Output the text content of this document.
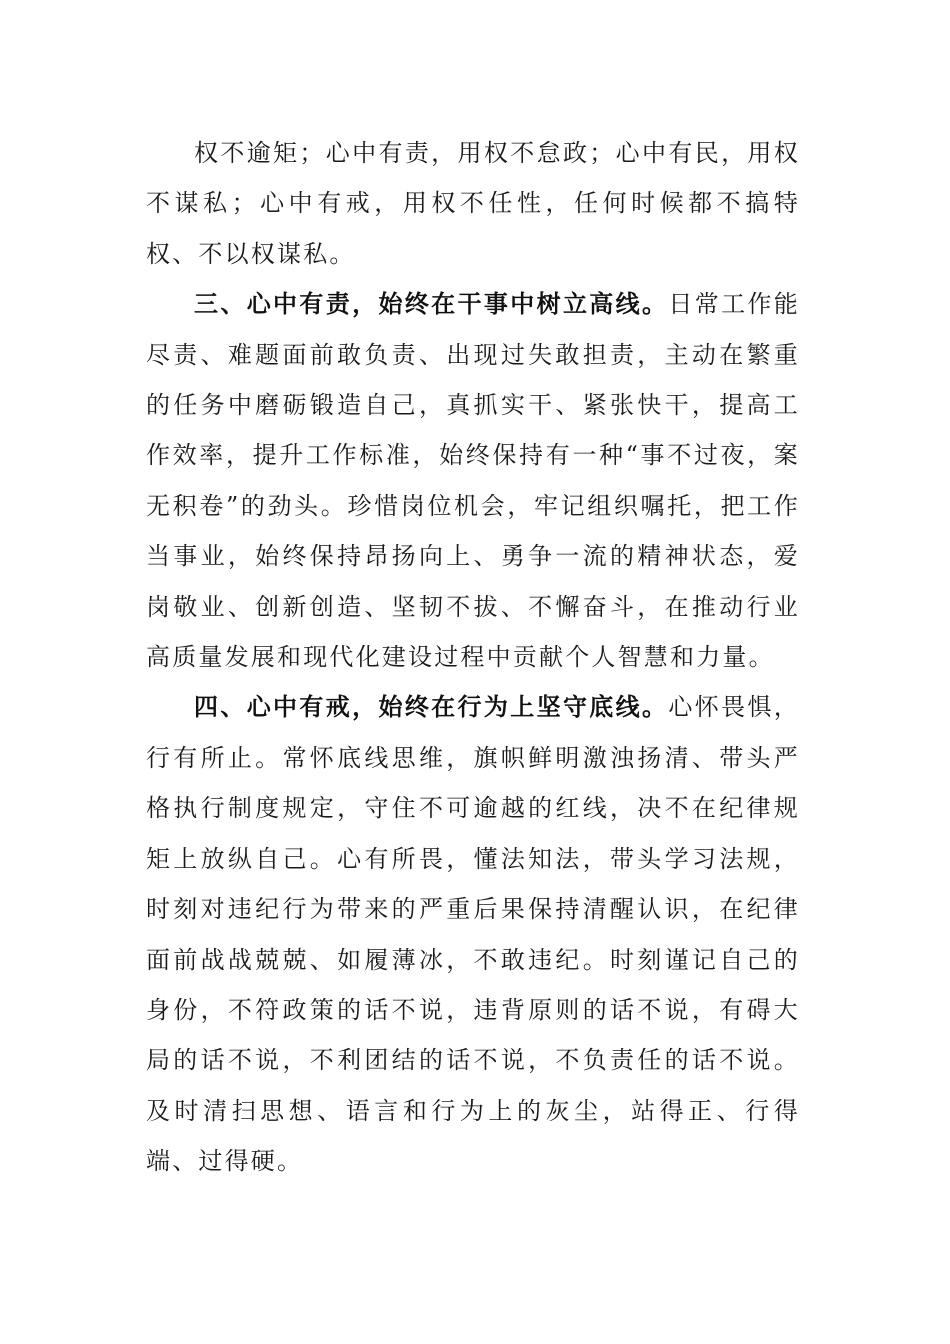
权不逾矩；心中有责，用权不怠政；心中有民，用权不谋私；心中有戒，用权不任性，任何时候都不搞特权、不以权谋私。

三、心中有责，始终在干事中树立高线。日常工作能尽责、难题面前敢负责、出现过失敢担责，主动在繁重的任务中磨砺锻造自己，真抓实干、紧张快干，提高工作效率，提升工作标准，始终保持有一种“事不过夜，案无积卷”的劲头。珍惜岗位机会，牢记组织嘱托，把工作当事业，始终保持昂扬向上、勇争一流的精神状态，爱岗敬业、创新创造、坚韧不拔、不懈奋斗，在推动行业高质量发展和现代化建设过程中贡献个人智慧和力量。

四、心中有戒，始终在行为上坚守底线。心怀畏惧，行有所止。常怀底线思维，旗帜鲜明激浊扬清、带头严格执行制度规定，守住不可逾越的红线，决不在纪律规矩上放纵自己。心有所畏，懂法知法，带头学习法规，时刻对违纪行为带来的严重后果保持清醒认识，在纪律面前战战兢兢、如履薄冰，不敢违纪。时刻谨记自己的身份，不符政策的话不说，违背原则的话不说，有碍大局的话不说，不利团结的话不说，不负责任的话不说。及时清扫思想、语言和行为上的灰尘，站得正、行得端、过得硬。
